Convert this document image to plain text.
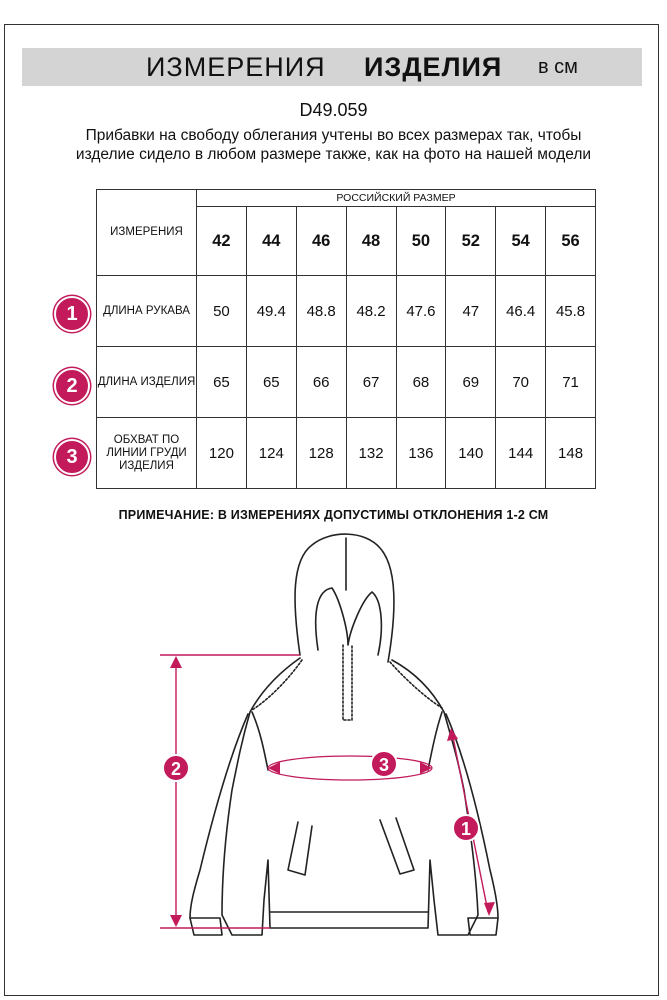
ИЗМЕРЕНИЯ ИЗДЕЛИЯ в см
D49.059
Прибавки на свободу облегания учтены во всех размерах так, чтобы изделие сидело в любом размере также, как на фото на нашей модели
ИЗМЕРЕНИЯ	РОССИЙСКИЙ РАЗМЕР							
	42	44	46	48	50	52	54	56
ДЛИНА РУКАВА	50	49.4	48.8	48.2	47.6	47	46.4	45.8
ДЛИНА ИЗДЕЛИЯ	65	65	66	67	68	69	70	71
ОБХВАТ ПО ЛИНИИ ГРУДИ ИЗДЕЛИЯ	120	124	128	132	136	140	144	148
1
2
3
ПРИМЕЧАНИЕ: В ИЗМЕРЕНИЯХ ДОПУСТИМЫ ОТКЛОНЕНИЯ 1-2 СМ
2	3
1
